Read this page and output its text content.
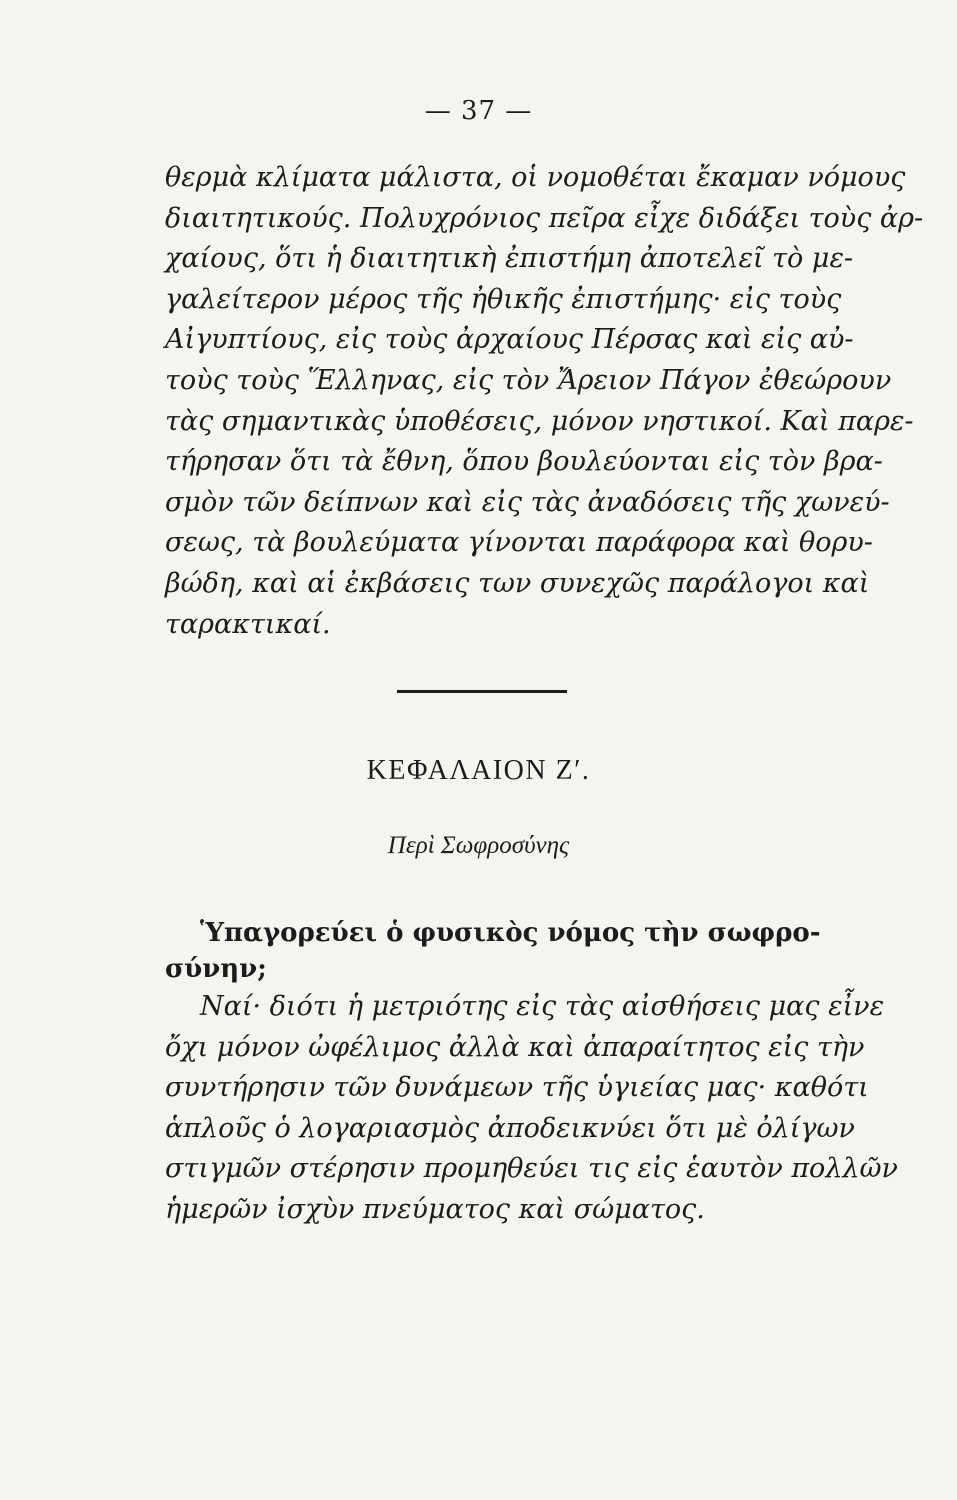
— 37 —
θερμὰ κλίματα μάλιστα, οἱ νομοθέται ἔκαμαν νόμους
διαιτητικούς. Πολυχρόνιος πεῖρα εἶχε διδάξει τοὺς ἀρ-
χαίους, ὅτι ἡ διαιτητικὴ ἐπιστήμη ἀποτελεῖ τὸ με-
γαλείτερον μέρος τῆς ἠθικῆς ἐπιστήμης· εἰς τοὺς
Αἰγυπτίους, εἰς τοὺς ἀρχαίους Πέρσας καὶ εἰς αὐ-
τοὺς τοὺς Ἕλληνας, εἰς τὸν Ἄρειον Πάγον ἐθεώρουν
τὰς σημαντικὰς ὑποθέσεις, μόνον νηστικοί. Καὶ παρε-
τήρησαν ὅτι τὰ ἔθνη, ὅπου βουλεύονται εἰς τὸν βρα-
σμὸν τῶν δείπνων καὶ εἰς τὰς ἀναδόσεις τῆς χωνεύ-
σεως, τὰ βουλεύματα γίνονται παράφορα καὶ θορυ-
βώδη, καὶ αἱ ἐκβάσεις των συνεχῶς παράλογοι καὶ
ταρακτικαί.
ΚΕΦΑΛΑΙΟΝ Ζ′.
Περὶ Σωφροσύνης
Ὑπαγορεύει ὁ φυσικὸς νόμος τὴν σωφρο-
σύνην;
Ναί· διότι ἡ μετριότης εἰς τὰς αἰσθήσεις μας εἶνε
ὄχι μόνον ὠφέλιμος ἀλλὰ καὶ ἀπαραίτητος εἰς τὴν
συντήρησιν τῶν δυνάμεων τῆς ὑγιείας μας· καθότι
ἁπλοῦς ὁ λογαριασμὸς ἀποδεικνύει ὅτι μὲ ὀλίγων
στιγμῶν στέρησιν προμηθεύει τις εἰς ἑαυτὸν πολλῶν
ἡμερῶν ἰσχὺν πνεύματος καὶ σώματος.
